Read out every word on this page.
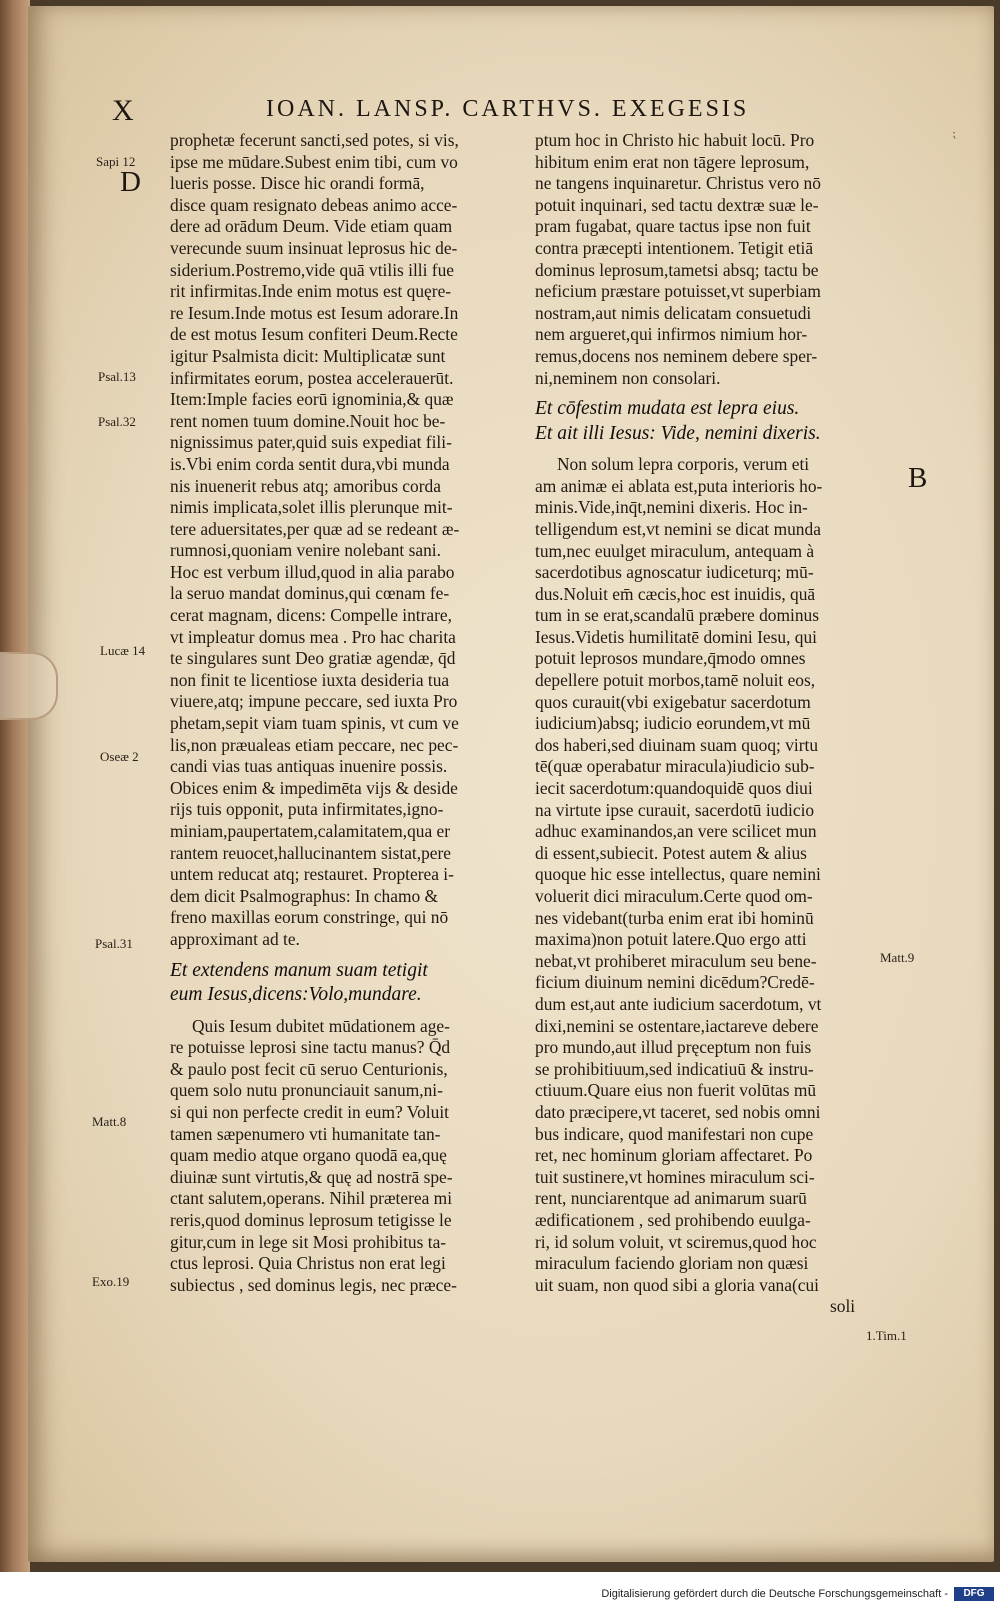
X	IOAN. LANSP. CARTHVS. EXEGESIS
Sapi 12
D
Psal.13
Psal.32
Lucæ 14
Oseæ 2
Psal.31
Matt.8
Exo.19
B
Matt.9
1.Tim.1
⁏
prophetæ fecerunt sancti,sed potes, si vis,
ipse me mūdare.Subest enim tibi, cum vo
lueris posse. Disce hic orandi formā,
disce quam resignato debeas animo acce-
dere ad orādum Deum. Vide etiam quam
verecunde suum insinuat leprosus hic de-
siderium.Postremo,vide quā vtilis illi fue
rit infirmitas.Inde enim motus est quęre-
re Iesum.Inde motus est Iesum adorare.In
de est motus Iesum confiteri Deum.Recte
igitur Psalmista dicit: Multiplicatæ sunt
infirmitates eorum, postea accelerauerūt.
Item:Imple facies eorū ignominia,& quæ
rent nomen tuum domine.Nouit hoc be-
nignissimus pater,quid suis expediat fili-
is.Vbi enim corda sentit dura,vbi munda
nis inuenerit rebus atq; amoribus corda
nimis implicata,solet illis plerunque mit-
tere aduersitates,per quæ ad se redeant æ-
rumnosi,quoniam venire nolebant sani.
Hoc est verbum illud,quod in alia parabo
la seruo mandat dominus,qui cœnam fe-
cerat magnam, dicens: Compelle intrare,
vt impleatur domus mea . Pro hac charita
te singulares sunt Deo gratiæ agendæ, q̄d
non finit te licentiose iuxta desideria tua
viuere,atq; impune peccare, sed iuxta Pro
phetam,sepit viam tuam spinis, vt cum ve
lis,non præualeas etiam peccare, nec pec-
candi vias tuas antiquas inuenire possis.
Obices enim & impedimēta vijs & deside
rijs tuis opponit, puta infirmitates,igno-
miniam,paupertatem,calamitatem,qua er
rantem reuocet,hallucinantem sistat,pere
untem reducat atq; restauret. Propterea i-
dem dicit Psalmographus: In chamo &
freno maxillas eorum constringe, qui nō
approximant ad te.
Et extendens manum suam tetigit
eum Iesus,dicens:Volo,mundare.
Quis Iesum dubitet mūdationem age-
re potuisse leprosi sine tactu manus? Q̄d
& paulo post fecit cū seruo Centurionis,
quem solo nutu pronunciauit sanum,ni-
si qui non perfecte credit in eum? Voluit
tamen sæpenumero vti humanitate tan-
quam medio atque organo quodā ea,quę
diuinæ sunt virtutis,& quę ad nostrā spe-
ctant salutem,operans. Nihil præterea mi
reris,quod dominus leprosum tetigisse le
gitur,cum in lege sit Mosi prohibitus ta-
ctus leprosi. Quia Christus non erat legi
subiectus , sed dominus legis, nec præce-
ptum hoc in Christo hic habuit locū. Pro
hibitum enim erat non tāgere leprosum,
ne tangens inquinaretur. Christus vero nō
potuit inquinari, sed tactu dextræ suæ le-
pram fugabat, quare tactus ipse non fuit
contra præcepti intentionem. Tetigit etiā
dominus leprosum,tametsi absq; tactu be
neficium præstare potuisset,vt superbiam
nostram,aut nimis delicatam consuetudi
nem argueret,qui infirmos nimium hor-
remus,docens nos neminem debere sper-
ni,neminem non consolari.
Et cōfestim mudata est lepra eius.
Et ait illi Iesus: Vide, nemini dixeris.
Non solum lepra corporis, verum eti
am animæ ei ablata est,puta interioris ho-
minis.Vide,inq̄t,nemini dixeris. Hoc in-
telligendum est,vt nemini se dicat munda
tum,nec euulget miraculum, antequam à
sacerdotibus agnoscatur iudiceturq; mū-
dus.Noluit em̄ cæcis,hoc est inuidis, quā
tum in se erat,scandalū præbere dominus
Iesus.Videtis humilitatē domini Iesu, qui
potuit leprosos mundare,q̄modo omnes
depellere potuit morbos,tamē noluit eos,
quos curauit(vbi exigebatur sacerdotum
iudicium)absq; iudicio eorundem,vt mū
dos haberi,sed diuinam suam quoq; virtu
tē(quæ operabatur miracula)iudicio sub-
iecit sacerdotum:quandoquidē quos diui
na virtute ipse curauit, sacerdotū iudicio
adhuc examinandos,an vere scilicet mun
di essent,subiecit. Potest autem & alius
quoque hic esse intellectus, quare nemini
voluerit dici miraculum.Certe quod om-
nes videbant(turba enim erat ibi hominū
maxima)non potuit latere.Quo ergo atti
nebat,vt prohiberet miraculum seu bene-
ficium diuinum nemini dicēdum?Credē-
dum est,aut ante iudicium sacerdotum, vt
dixi,nemini se ostentare,iactareve debere
pro mundo,aut illud pręceptum non fuis
se prohibitiuum,sed indicatiuū & instru-
ctiuum.Quare eius non fuerit volūtas mū
dato præcipere,vt taceret, sed nobis omni
bus indicare, quod manifestari non cupe
ret, nec hominum gloriam affectaret. Po
tuit sustinere,vt homines miraculum sci-
rent, nunciarentque ad animarum suarū
ædificationem , sed prohibendo euulga-
ri, id solum voluit, vt sciremus,quod hoc
miraculum faciendo gloriam non quæsi
uit suam, non quod sibi a gloria vana(cui
soli
Digitalisierung gefördert durch die Deutsche Forschungsgemeinschaft -	DFG
